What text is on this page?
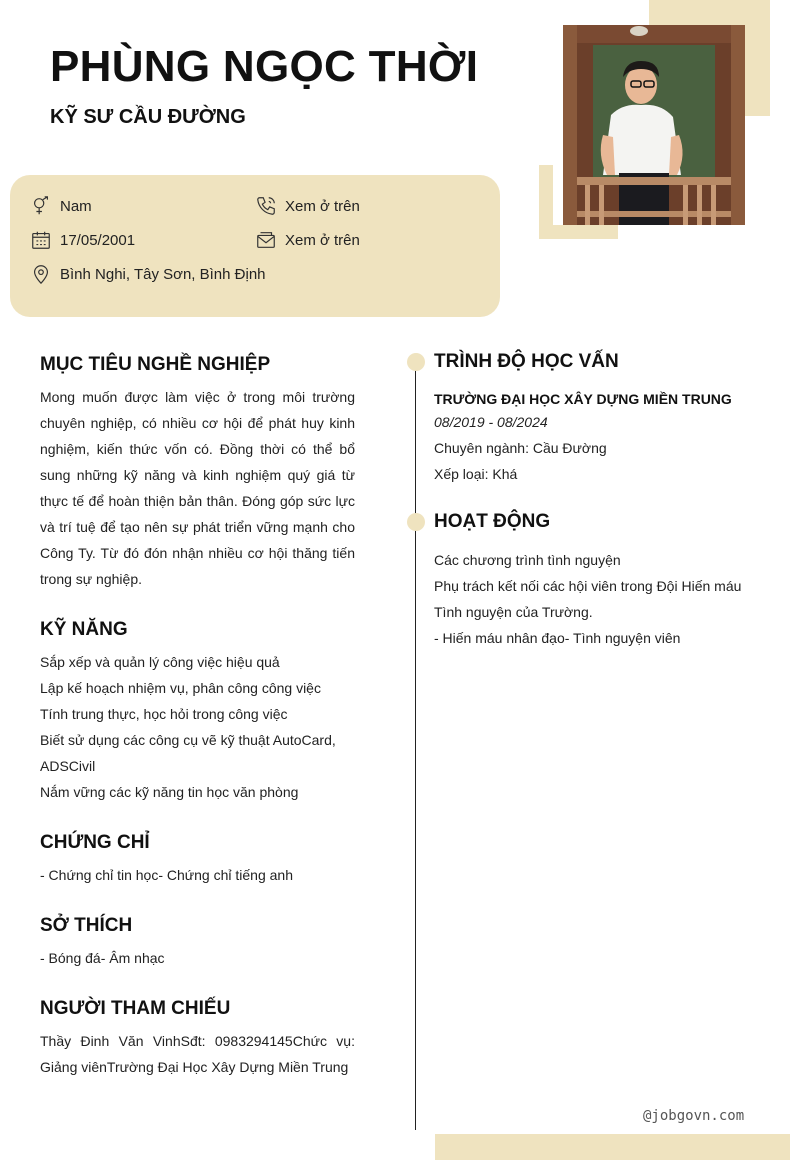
PHÙNG NGỌC THỜI
KỸ SƯ CẦU ĐƯỜNG
Nam
17/05/2001
Bình Nghi, Tây Sơn, Bình Định
Xem ở trên
Xem ở trên
MỤC TIÊU NGHỀ NGHIỆP

Mong muốn được làm việc ở trong môi trường chuyên nghiệp, có nhiều cơ hội để phát huy kinh nghiệm, kiến thức vốn có. Đồng thời có thể bổ sung những kỹ năng và kinh nghiệm quý giá từ thực tế để hoàn thiện bản thân. Đóng góp sức lực và trí tuệ để tạo nên sự phát triển vững mạnh cho Công Ty. Từ đó đón nhận nhiều cơ hội thăng tiến trong sự nghiệp.

KỸ NĂNG
Sắp xếp và quản lý công việc hiệu quả
Lập kế hoạch nhiệm vụ, phân công công việc
Tính trung thực, học hỏi trong công việc
Biết sử dụng các công cụ vẽ kỹ thuật AutoCard,
ADSCivil
Nắm vững các kỹ năng tin học văn phòng
CHỨNG CHỈ
- Chứng chỉ tin học- Chứng chỉ tiếng anh
SỞ THÍCH
- Bóng đá- Âm nhạc
NGƯỜI THAM CHIẾU

Thầy Đinh Văn VinhSđt: 0983294145Chức vụ: Giảng viênTrường Đại Học Xây Dựng Miền Trung

TRÌNH ĐỘ HỌC VẤN
TRƯỜNG ĐẠI HỌC XÂY DỰNG MIỀN TRUNG
08/2019 - 08/2024
Chuyên ngành: Cầu Đường
Xếp loại: Khá
HOẠT ĐỘNG
Các chương trình tình nguyện
Phụ trách kết nối các hội viên trong Đội Hiến máu
Tình nguyện của Trường.
- Hiến máu nhân đạo- Tình nguyện viên
@jobgovn.com
